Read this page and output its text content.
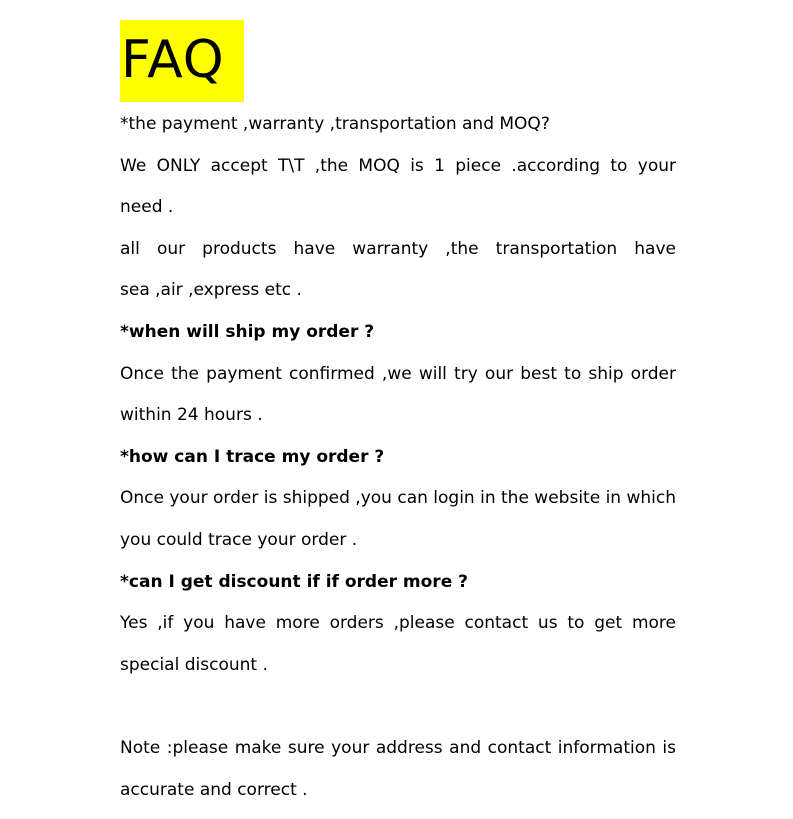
FAQ
*the payment ,warranty ,transportation and MOQ?
We ONLY accept T\T ,the MOQ is 1 piece .according to your
need .
all our products have warranty ,the transportation have
sea ,air ,express etc .
*when will ship my order ?
Once the payment confirmed ,we will try our best to ship order
within 24 hours .
*how can I trace my order ?
Once your order is shipped ,you can login in the website in which
you could trace your order .
*can I get discount if if order more ?
Yes ,if you have more orders ,please contact us to get more
special discount .
Note :please make sure your address and contact information is
accurate and correct .
